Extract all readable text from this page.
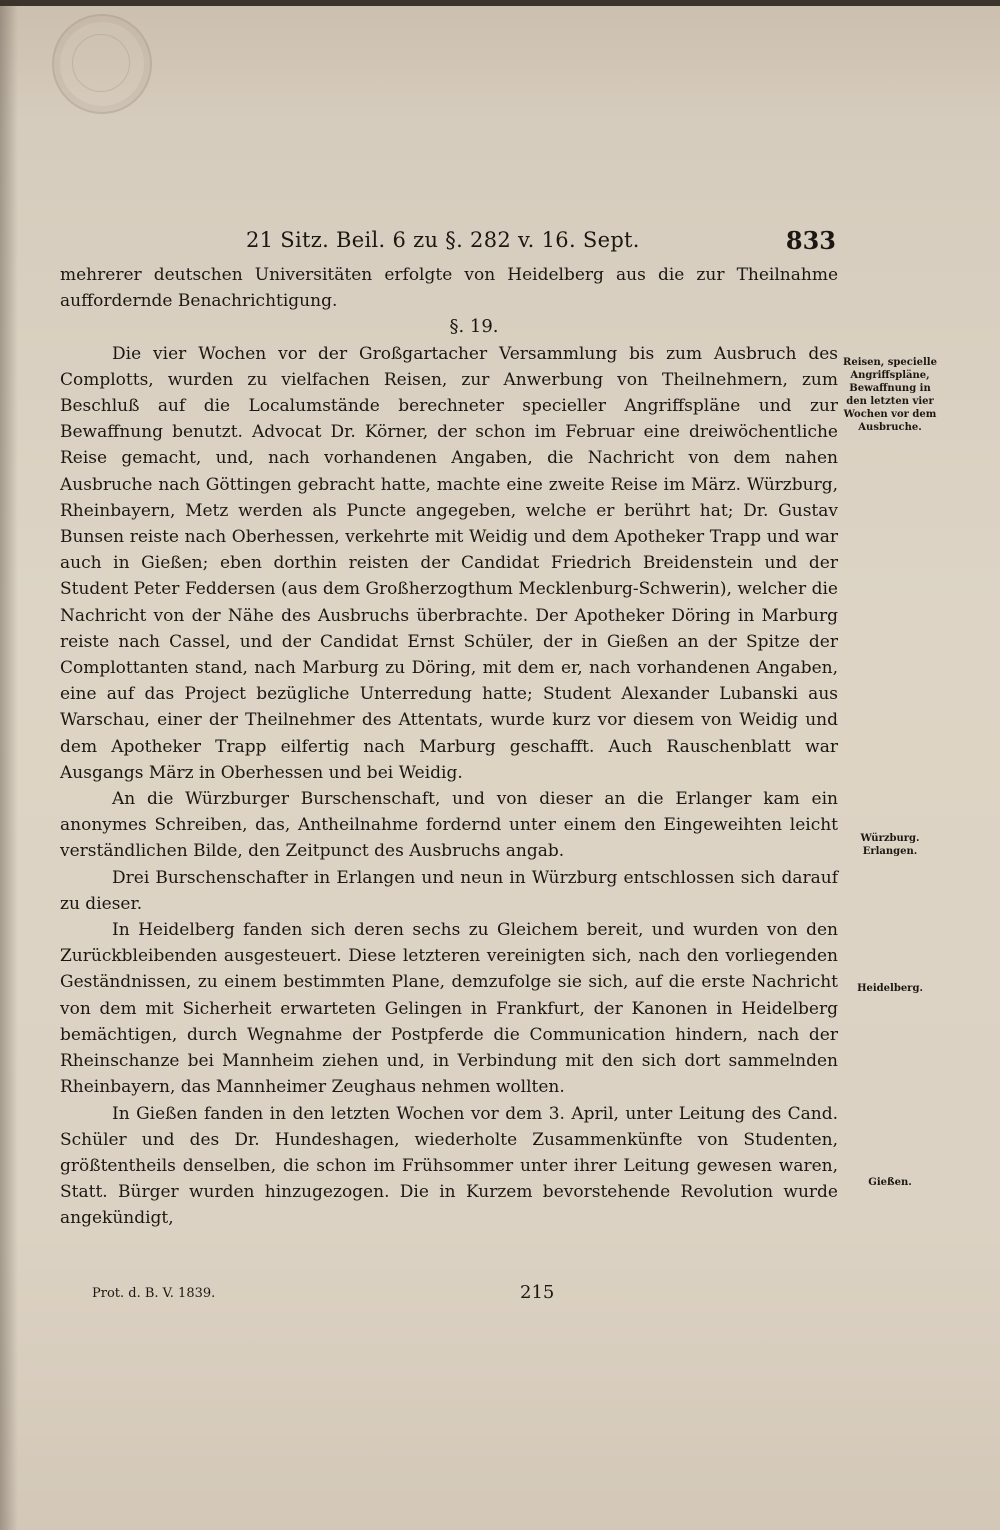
21 Sitz. Beil. 6 zu §. 282 v. 16. Sept.	833

mehrerer deutschen Universitäten erfolgte von Heidelberg aus die zur Theilnahme auffordernde Benachrichtigung.

§. 19.

Die vier Wochen vor der Großgartacher Versammlung bis zum Ausbruch des Complotts, wurden zu vielfachen Reisen, zur Anwerbung von Theilnehmern, zum Beschluß auf die Localumstände berechneter specieller Angriffspläne und zur Bewaffnung benutzt. Advocat Dr. Körner, der schon im Februar eine dreiwöchentliche Reise gemacht, und, nach vorhandenen Angaben, die Nachricht von dem nahen Ausbruche nach Göttingen gebracht hatte, machte eine zweite Reise im März. Würzburg, Rheinbayern, Metz werden als Puncte angegeben, welche er berührt hat; Dr. Gustav Bunsen reiste nach Oberhessen, verkehrte mit Weidig und dem Apotheker Trapp und war auch in Gießen; eben dorthin reisten der Candidat Friedrich Breidenstein und der Student Peter Feddersen (aus dem Großherzogthum Mecklenburg-Schwerin), welcher die Nachricht von der Nähe des Ausbruchs überbrachte. Der Apotheker Döring in Marburg reiste nach Cassel, und der Candidat Ernst Schüler, der in Gießen an der Spitze der Complottanten stand, nach Marburg zu Döring, mit dem er, nach vorhandenen Angaben, eine auf das Project bezügliche Unterredung hatte; Student Alexander Lubanski aus Warschau, einer der Theilnehmer des Attentats, wurde kurz vor diesem von Weidig und dem Apotheker Trapp eilfertig nach Marburg geschafft. Auch Rauschenblatt war Ausgangs März in Oberhessen und bei Weidig.

An die Würzburger Burschenschaft, und von dieser an die Erlanger kam ein anonymes Schreiben, das, Antheilnahme fordernd unter einem den Eingeweihten leicht verständlichen Bilde, den Zeitpunct des Ausbruchs angab.

Drei Burschenschafter in Erlangen und neun in Würzburg entschlossen sich darauf zu dieser.

In Heidelberg fanden sich deren sechs zu Gleichem bereit, und wurden von den Zurückbleibenden ausgesteuert. Diese letzteren vereinigten sich, nach den vorliegenden Geständnissen, zu einem bestimmten Plane, demzufolge sie sich, auf die erste Nachricht von dem mit Sicherheit erwarteten Gelingen in Frankfurt, der Kanonen in Heidelberg bemächtigen, durch Wegnahme der Postpferde die Communication hindern, nach der Rheinschanze bei Mannheim ziehen und, in Verbindung mit den sich dort sammelnden Rheinbayern, das Mannheimer Zeughaus nehmen wollten.

In Gießen fanden in den letzten Wochen vor dem 3. April, unter Leitung des Cand. Schüler und des Dr. Hundeshagen, wiederholte Zusammenkünfte von Studenten, größtentheils denselben, die schon im Frühsommer unter ihrer Leitung gewesen waren, Statt. Bürger wurden hinzugezogen. Die in Kurzem bevorstehende Revolution wurde angekündigt,

Reisen, specielle Angriffspläne, Bewaffnung in den letzten vier Wochen vor dem Ausbruche.
Würzburg. Erlangen.
Heidelberg.
Gießen.
Prot. d. B. V. 1839.	215
